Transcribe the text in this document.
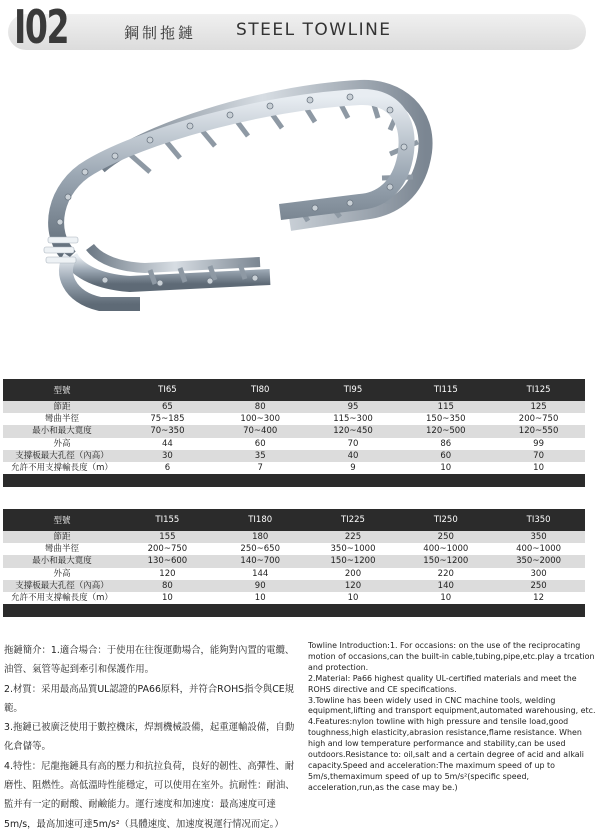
I02	鋼制拖鏈 STEEL TOWLINE
型號	TI65	TI80	TI95	TI115	TI125
節距	65	80	95	115	125
彎曲半徑	75~185	100~300	115~300	150~350	200~750
最小和最大寬度	70~350	70~400	120~450	120~500	120~550
外高	44	60	70	86	99
支撐板最大孔徑（內高）	30	35	40	60	70
允許不用支撐輸長度（m）	6	7	9	10	10

型號	TI155	TI180	TI225	TI250	TI350
節距	155	180	225	250	350
彎曲半徑	200~750	250~650	350~1000	400~1000	400~1000
最小和最大寬度	130~600	140~700	150~1200	150~1200	350~2000
外高	120	144	200	220	300
支撐板最大孔徑（內高）	80	90	120	140	250
允許不用支撐輸長度（m）	10	10	10	10	12

拖鏈簡介：1.適合場合：于使用在往復運動場合，能夠對內置的電纜、油管、氣管等起到牽引和保護作用。

2.材質：采用最高品質UL認證的PA66原料，并符合ROHS指令與CE規範。

3.拖鏈已被廣泛使用于數控機床，焊割機械設備，起重運輸設備，自動化倉儲等。

4.特性：尼龍拖鏈具有高的壓力和抗拉負荷，良好的韌性、高彈性、耐磨性、阻燃性。高低溫時性能穩定，可以使用在室外。抗耐性：耐油、監并有一定的耐酸、耐鹼能力。運行速度和加速度：最高速度可達5m/s，最高加速可達5m/s²（具體速度、加速度視運行情况而定。）

Towline Introduction:1. For occasions: on the use of the reciprocating motion of occasions,can the built-in cable,tubing,pipe,etc.play a trcation and protection.

2.Material: Pa66 highest quality UL-certified materials and meet the ROHS directive and CE specifications.

3.Towline has been widely used in CNC machine tools, welding equipment,lifting and transport equipment,automated warehousing, etc.

4.Features:nylon towline with high pressure and tensile load,good toughness,high elasticity,abrasion resistance,flame resistance. When high and low temperature performance and stability,can be used outdoors.Resistance to: oil,salt and a certain degree of acid and alkali capacity.Speed and acceleration:The maximum speed of up to 5m/s,themaximum speed of up to 5m/s²(specific speed, acceleration,run,as the case may be.)
